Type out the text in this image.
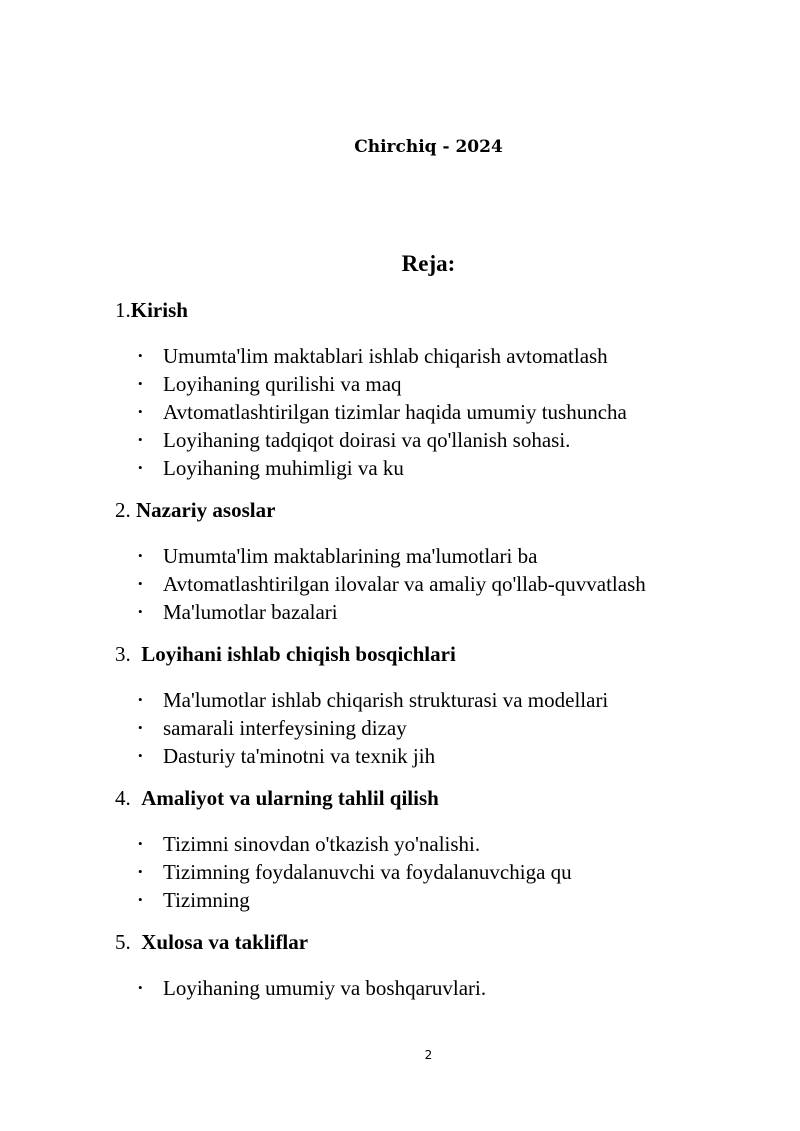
Chirchiq - 2024
Reja:

1.Kirish

• Umumta'lim maktablari ishlab chiqarish avtomatlash
• Loyihaning qurilishi va maq
• Avtomatlashtirilgan tizimlar haqida umumiy tushuncha
• Loyihaning tadqiqot doirasi va qo'llanish sohasi.
• Loyihaning muhimligi va ku

2. Nazariy asoslar

• Umumta'lim maktablarining ma'lumotlari ba
• Avtomatlashtirilgan ilovalar va amaliy qo'llab-quvvatlash
• Ma'lumotlar bazalari

3.  Loyihani ishlab chiqish bosqichlari

• Ma'lumotlar ishlab chiqarish strukturasi va modellari
• samarali interfeysining dizay
• Dasturiy ta'minotni va texnik jih

4.  Amaliyot va ularning tahlil qilish

• Tizimni sinovdan o'tkazish yo'nalishi.
• Tizimning foydalanuvchi va foydalanuvchiga qu
• Tizimning

5.  Xulosa va takliflar

• Loyihaning umumiy va boshqaruvlari.
2
